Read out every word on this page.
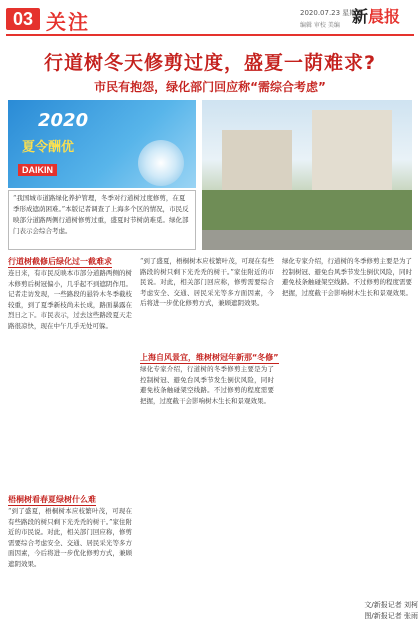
03 关注	2020.07.23 星期四
编辑 审校 美编 新晨报
行道树冬天修剪过度，盛夏一荫难求?
市民有抱怨，绿化部门回应称“需综合考虑”
2020
夏令酬优
DAIKIN
“我国城市道路绿化养护管理，冬季对行道树过度修剪，在夏季形成遮荫困难。”本版记者调查了上海多个区的情况，市民反映部分道路两侧行道树修剪过重，盛夏时节树荫难觅。绿化部门表示会综合考虑。
行道树截修后绿化过一截难求
连日来，有市民反映本市部分道路两侧的树木修剪后树冠偏小，几乎起不到遮阴作用。记者走访发现，一些路段的悬铃木冬季截枝较重，到了夏季新枝尚未长成，路面暴露在烈日之下。市民表示，过去这些路段夏天走路很凉快，现在中午几乎无处可躲。
“到了盛夏，梧桐树本应枝繁叶茂，可现在有些路段的树只剩下光秃秃的树干。”家住附近的市民说。对此，相关部门回应称，修剪需要综合考虑安全、交通、居民采光等多方面因素，今后将进一步优化修剪方式，兼顾遮阴效果。
上海自风景宜，维树树冠年新那“冬修”
绿化专家介绍，行道树的冬季修剪主要是为了控制树冠、避免台风季节发生倒伏风险，同时避免枝条触碰架空线路。不过修剪的程度需要把握，过度截干会影响树木生长和景观效果。
梧桐树看春夏绿树什么难
“到了盛夏，梧桐树本应枝繁叶茂，可现在有些路段的树只剩下光秃秃的树干。”家住附近的市民说。对此，相关部门回应称，修剪需要综合考虑安全、交通、居民采光等多方面因素，今后将进一步优化修剪方式，兼顾遮阴效果。
绿化专家介绍，行道树的冬季修剪主要是为了控制树冠、避免台风季节发生倒伏风险，同时避免枝条触碰架空线路。不过修剪的程度需要把握，过度截干会影响树木生长和景观效果。
文/新报记者 刘柯
图/新报记者 张雨
